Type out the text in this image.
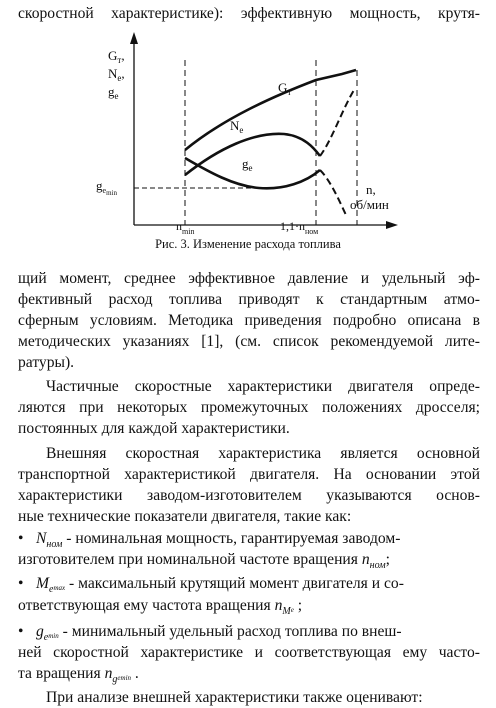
скоростной характеристике): эффективную мощность, крутя-
$G_т$,
$N_e$,
$g_e$
$g_e\min$
$G_т$
$N_e$
$g_e$
n,
об/мин
$n_{min}$	$1,1\cdot n_{ном}$
Рис. 3. Изменение расхода топлива
щий момент, среднее эффективное давление и удельный эф-
фективный расход топлива приводят к стандартным атмо-
сферным условиям. Методика приведения подробно описана в
методических указаниях [1], (см. список рекомендуемой лите-
ратуры).
Частичные скоростные характеристики двигателя опреде-
ляются при некоторых промежуточных положениях дросселя;
постоянных для каждой характеристики.
Внешняя скоростная характеристика является основной
транспортной характеристикой двигателя. На основании этой
характеристики заводом-изготовителем указываются основ-
ные технические показатели двигателя, такие как:
• $N_{ном}$ - номинальная мощность, гарантируемая заводом-
изготовителем при номинальной частоте вращения $n_{ном}$;
• $M_e\max$ - максимальный крутящий момент двигателя и со-
ответствующая ему частота вращения $n_Me$ ;
• $g_e\min$ - минимальный удельный расход топлива по внеш-
ней скоростной характеристике и соответствующая ему часто-
та вращения $n_gemin$ .
При анализе внешней характеристики также оценивают:
